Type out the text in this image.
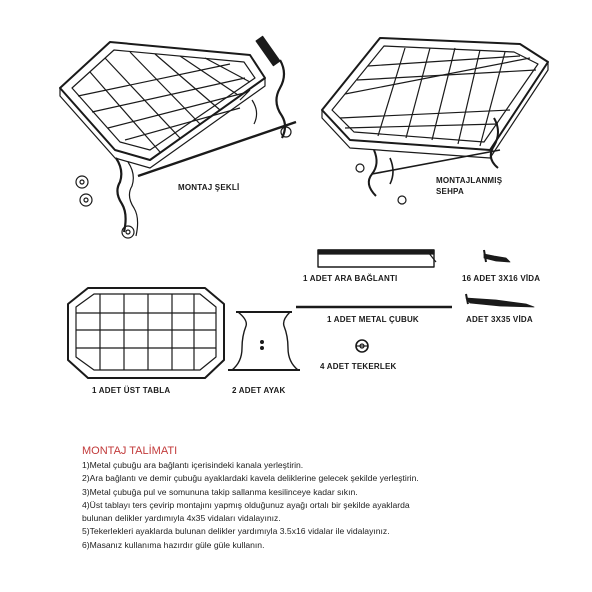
MONTAJ ŞEKLİ
MONTAJLANMIŞ
SEHPA
1 ADET ARA BAĞLANTI	16 ADET 3X16 VİDA
1 ADET METAL ÇUBUK	ADET 3X35 VİDA
4 ADET TEKERLEK
1 ADET ÜST TABLA	2 ADET AYAK
MONTAJ TALİMATI
1)Metal çubuğu ara bağlantı içerisindeki kanala yerleştirin.
2)Ara bağlantı ve demir çubuğu ayaklardaki kavela deliklerine gelecek şekilde yerleştirin.
3)Metal çubuğa pul ve somununa takip sallanma kesilinceye kadar sıkın.
4)Üst tablayı ters çevirip montajını yapmış olduğunuz ayağı ortalı bir şekilde ayaklarda
bulunan delikler yardımıyla 4x35 vidaları vidalayınız.
5)Tekerlekleri ayaklarda bulunan delikler yardımıyla 3.5x16 vidalar ile vidalayınız.
6)Masanız kullanıma hazırdır güle güle kullanın.
